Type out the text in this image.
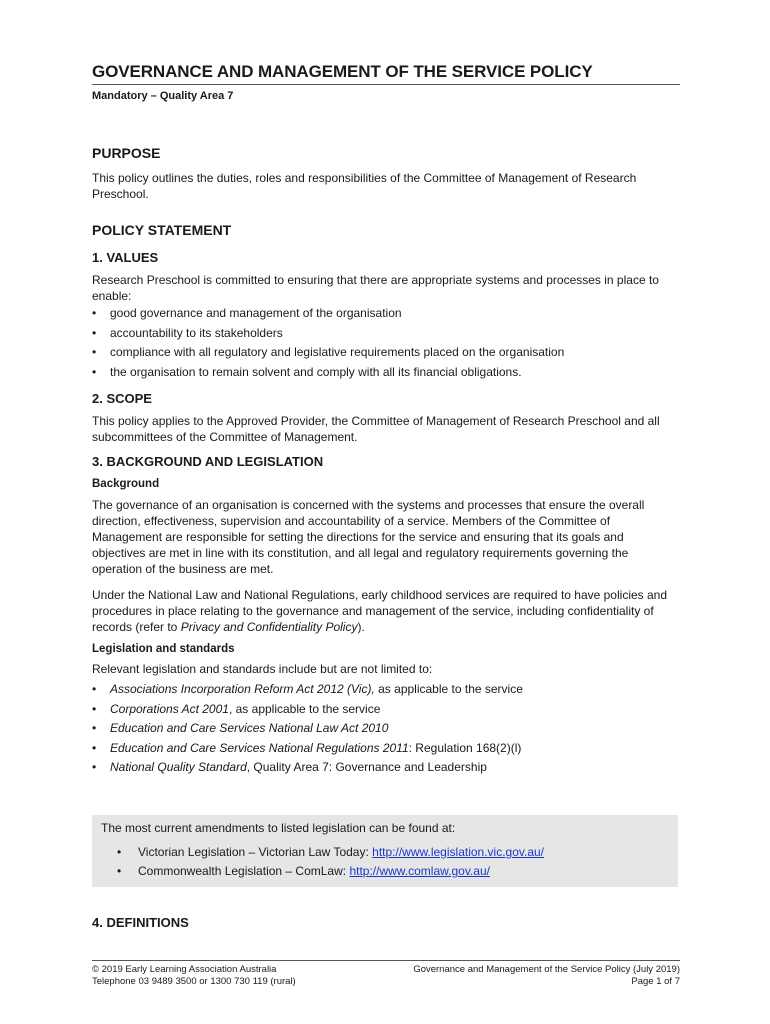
GOVERNANCE AND MANAGEMENT OF THE SERVICE POLICY

Mandatory – Quality Area 7

PURPOSE

This policy outlines the duties, roles and responsibilities of the Committee of Management of Research Preschool.

POLICY STATEMENT
1. VALUES

Research Preschool is committed to ensuring that there are appropriate systems and processes in place to enable:

• good governance and management of the organisation
• accountability to its stakeholders
• compliance with all regulatory and legislative requirements placed on the organisation
• the organisation to remain solvent and comply with all its financial obligations.
2. SCOPE

This policy applies to the Approved Provider, the Committee of Management of Research Preschool and all subcommittees of the Committee of Management.

3. BACKGROUND AND LEGISLATION
Background

The governance of an organisation is concerned with the systems and processes that ensure the overall direction, effectiveness, supervision and accountability of a service. Members of the Committee of Management are responsible for setting the directions for the service and ensuring that its goals and objectives are met in line with its constitution, and all legal and regulatory requirements governing the operation of the business are met.

Under the National Law and National Regulations, early childhood services are required to have policies and procedures in place relating to the governance and management of the service, including confidentiality of records (refer to Privacy and Confidentiality Policy).

Legislation and standards

Relevant legislation and standards include but are not limited to:

• Associations Incorporation Reform Act 2012 (Vic), as applicable to the service
• Corporations Act 2001, as applicable to the service
• Education and Care Services National Law Act 2010
• Education and Care Services National Regulations 2011: Regulation 168(2)(l)
• National Quality Standard, Quality Area 7: Governance and Leadership

The most current amendments to listed legislation can be found at:

• Victorian Legislation – Victorian Law Today: http://www.legislation.vic.gov.au/
• Commonwealth Legislation – ComLaw: http://www.comlaw.gov.au/
4. DEFINITIONS
© 2019 Early Learning Association Australia
Telephone 03 9489 3500 or 1300 730 119 (rural)
Governance and Management of the Service Policy (July 2019)
Page 1 of 7
